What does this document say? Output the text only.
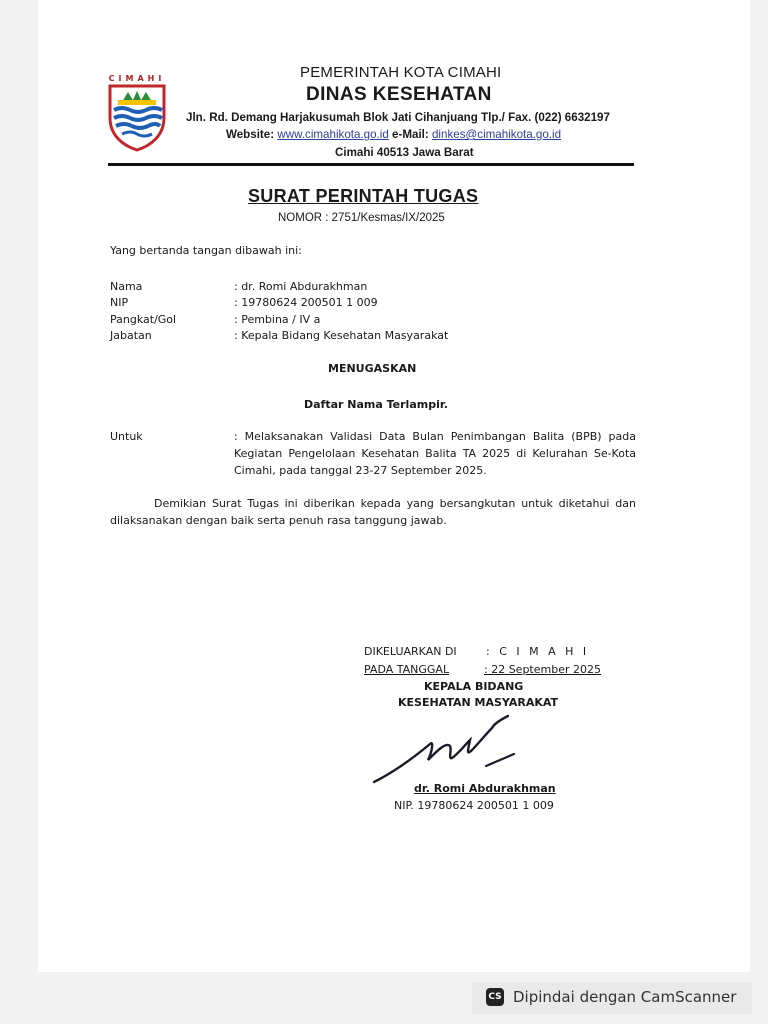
CIMAHI	PEMERINTAH KOTA CIMAHI
DINAS KESEHATAN
Jln. Rd. Demang Harjakusumah Blok Jati Cihanjuang Tlp./ Fax. (022) 6632197
Website: www.cimahikota.go.id e-Mail: dinkes@cimahikota.go.id
Cimahi 40513 Jawa Barat
SURAT PERINTAH TUGAS
NOMOR : 2751/Kesmas/IX/2025
Yang bertanda tangan dibawah ini:
Nama	: dr. Romi Abdurakhman
NIP	: 19780624 200501 1 009
Pangkat/Gol	: Pembina / IV a
Jabatan	: Kepala Bidang Kesehatan Masyarakat
MENUGASKAN
Daftar Nama Terlampir.
Untuk	: Melaksanakan Validasi Data Bulan Penimbangan Balita (BPB) pada Kegiatan Pengelolaan Kesehatan Balita TA 2025 di Kelurahan Se-Kota Cimahi, pada tanggal 23-27 September 2025.
Demikian Surat Tugas ini diberikan kepada yang bersangkutan untuk diketahui dan dilaksanakan dengan baik serta penuh rasa tanggung jawab.
DIKELUARKAN DI	: C I M A H I
PADA TANGGAL	: 22 September 2025
KEPALA BIDANG
KESEHATAN MASYARAKAT
dr. Romi Abdurakhman
NIP. 19780624 200501 1 009
CS Dipindai dengan CamScanner
